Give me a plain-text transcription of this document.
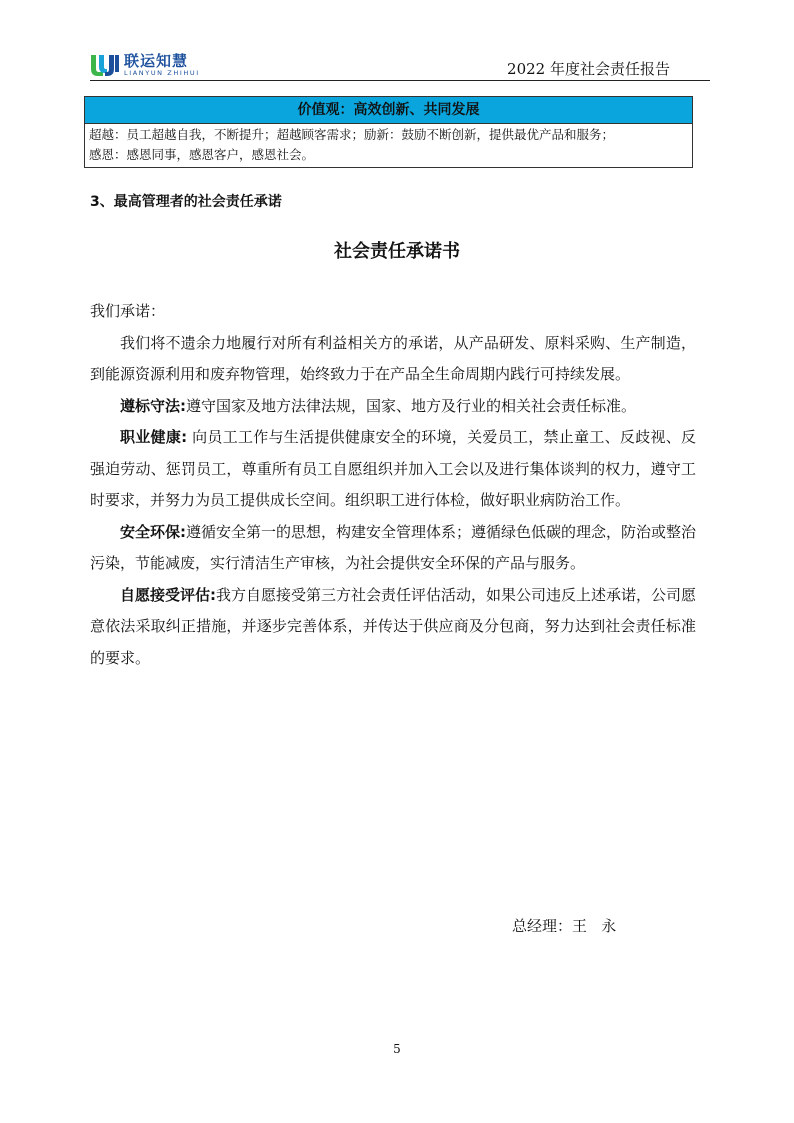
联运知慧
LIANYUN ZHIHUI	2022 年度社会责任报告
价值观：高效创新、共同发展
超越：员工超越自我，不断提升；超越顾客需求；励新：鼓励不断创新，提供最优产品和服务；
感恩：感恩同事，感恩客户，感恩社会。
3、最高管理者的社会责任承诺
社会责任承诺书

我们承诺：

我们将不遗余力地履行对所有利益相关方的承诺，从产品研发、原料采购、生产制造，到能源资源利用和废弃物管理，始终致力于在产品全生命周期内践行可持续发展。

遵标守法:遵守国家及地方法律法规，国家、地方及行业的相关社会责任标准。

职业健康: 向员工工作与生活提供健康安全的环境，关爱员工，禁止童工、反歧视、反强迫劳动、惩罚员工，尊重所有员工自愿组织并加入工会以及进行集体谈判的权力，遵守工时要求，并努力为员工提供成长空间。组织职工进行体检，做好职业病防治工作。

安全环保:遵循安全第一的思想，构建安全管理体系；遵循绿色低碳的理念，防治或整治污染，节能减废，实行清洁生产审核，为社会提供安全环保的产品与服务。

自愿接受评估:我方自愿接受第三方社会责任评估活动，如果公司违反上述承诺，公司愿意依法采取纠正措施，并逐步完善体系，并传达于供应商及分包商，努力达到社会责任标准的要求。

总经理：王   永
5
